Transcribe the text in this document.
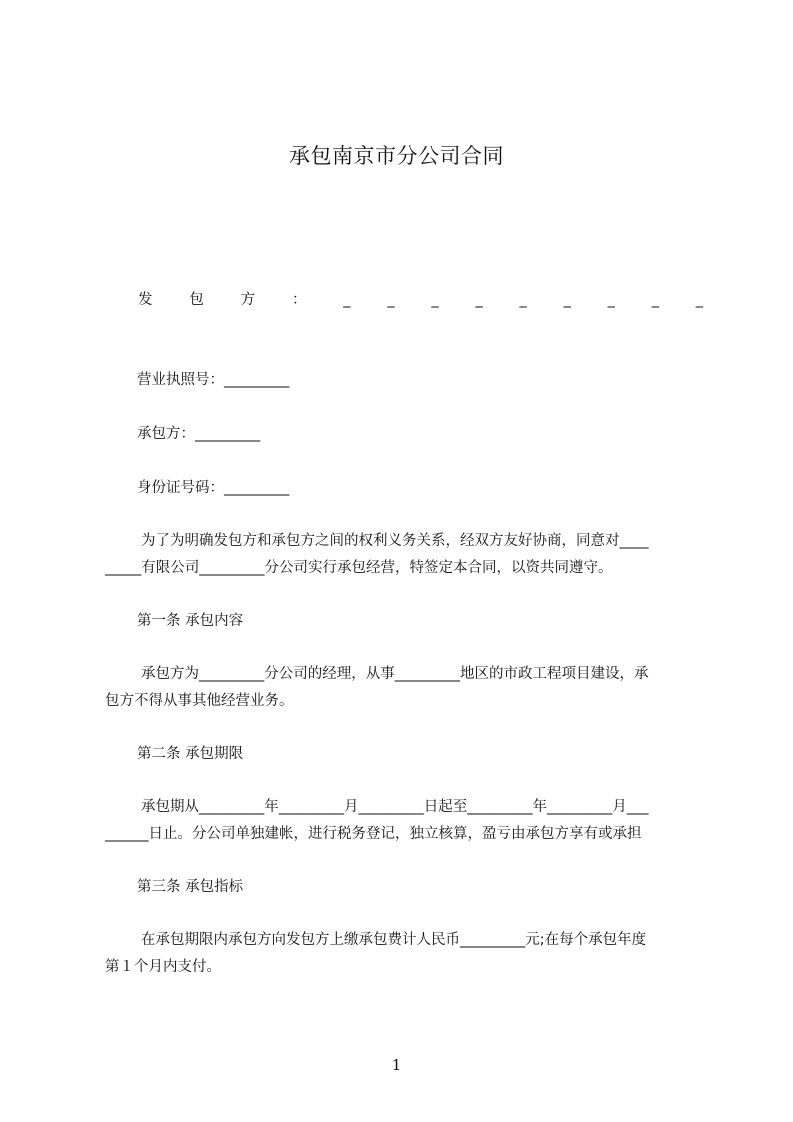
承包南京市分公司合同
发	包	方	：	_	_	_	_	_	_	_	_	_
营业执照号：_________
承包方：_________
身份证号码：_________
为了为明确发包方和承包方之间的权利义务关系，经双方友好协商，同意对____
_____有限公司_________分公司实行承包经营，特签定本合同，以资共同遵守。
第一条 承包内容
承包方为_________分公司的经理，从事_________地区的市政工程项目建设，承
包方不得从事其他经营业务。
第二条 承包期限
承包期从_________年_________月_________日起至_________年_________月___
______日止。分公司单独建帐，进行税务登记，独立核算，盈亏由承包方享有或承担
第三条 承包指标
在承包期限内承包方向发包方上缴承包费计人民币_________元;在每个承包年度
第１个月内支付。
1
